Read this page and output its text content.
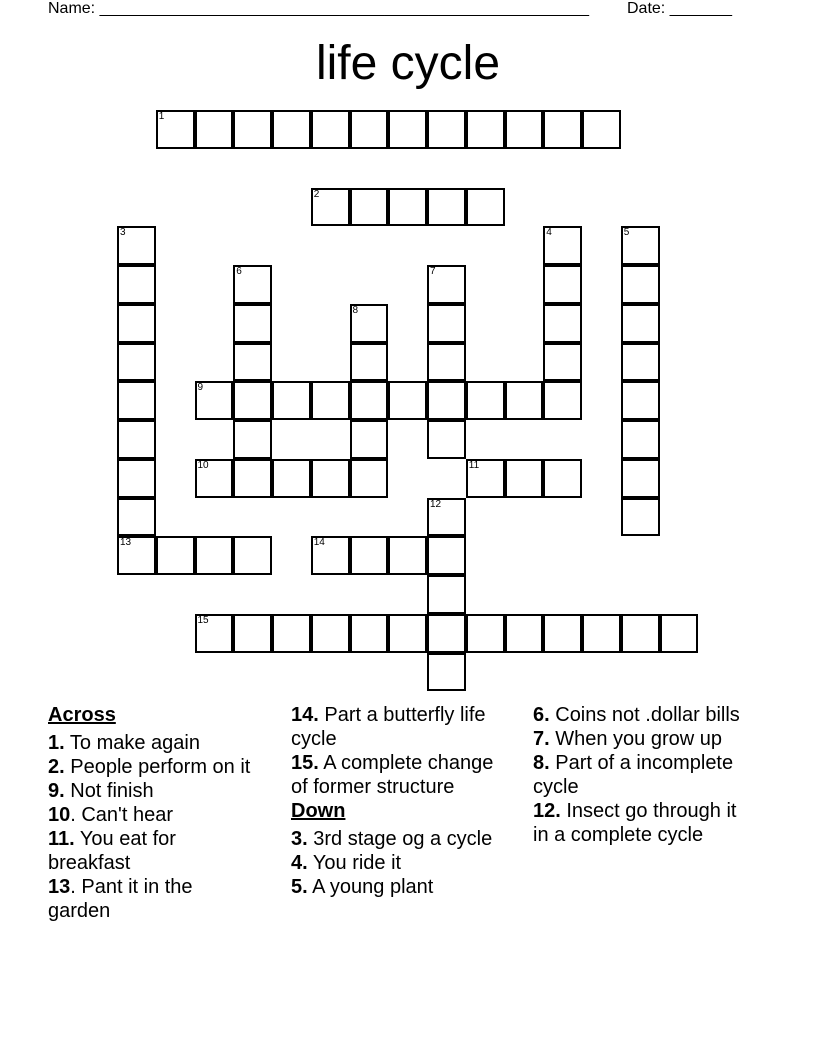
Name: _______________________________________________________ Date: _______
life cycle
1
2
3
13
4	5
6	7
8
9
10	11
12
14
15
Across
1. To make again
2. People perform on it
9. Not finish
10. Can't hear
11. You eat for breakfast
13. Pant it in the garden
14. Part a butterfly life cycle
15. A complete change of former structure
Down
3. 3rd stage og a cycle
4. You ride it
5. A young plant
6. Coins not .dollar bills
7. When you grow up
8. Part of a incomplete cycle
12. Insect go through it in a complete cycle
